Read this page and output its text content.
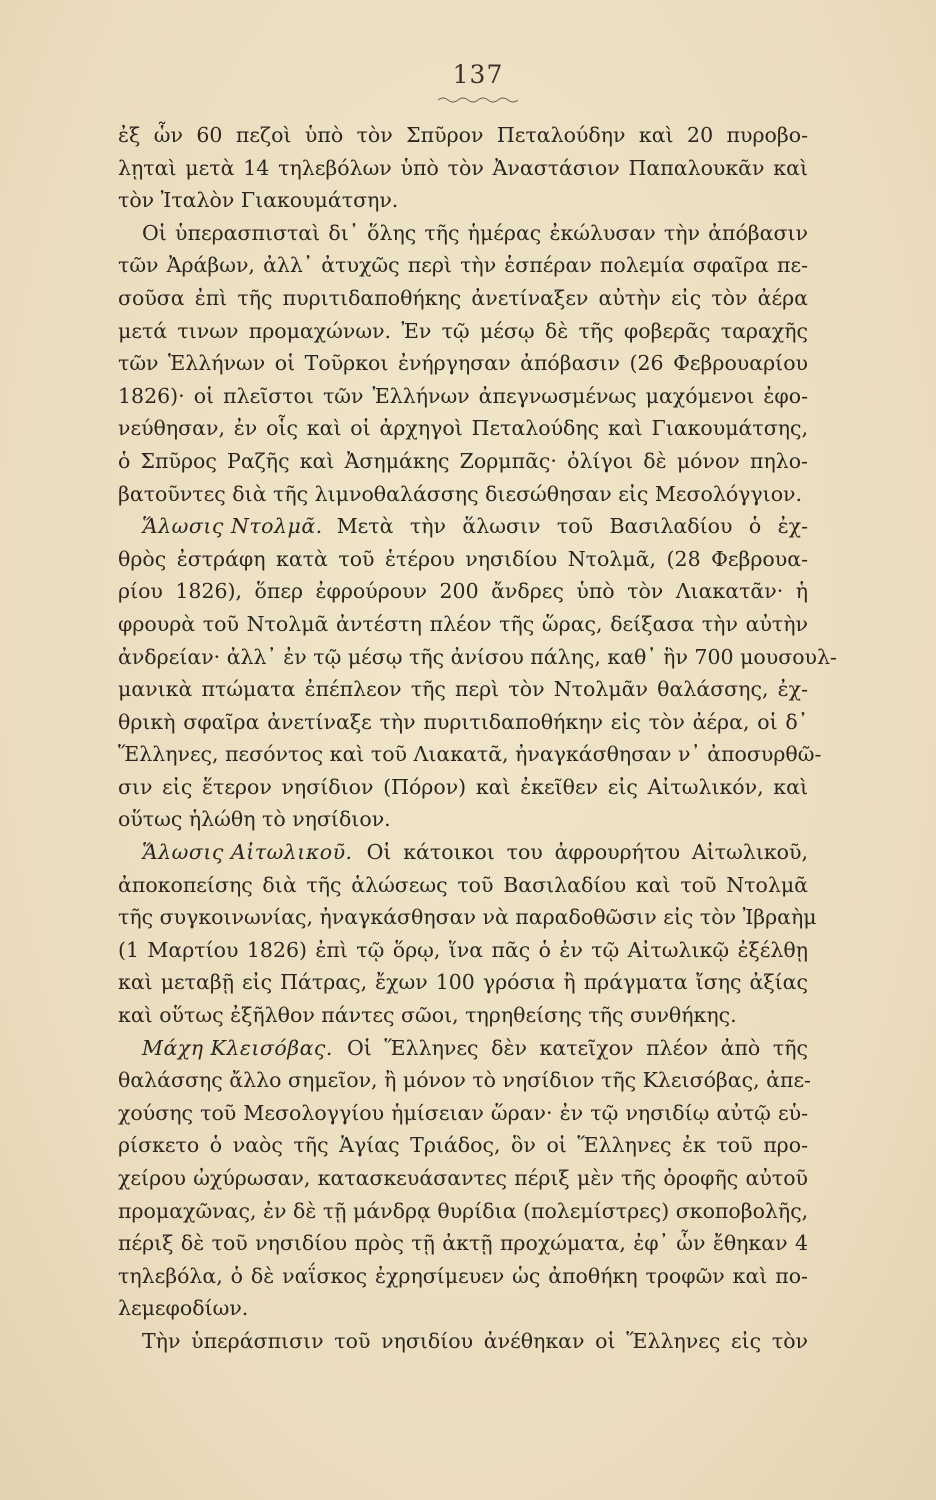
137
ἐξ ὧν 60 πεζοὶ ὑπὸ τὸν Σπῦρον Πεταλούδην καὶ 20 πυροβο-
λῃταὶ μετὰ 14 τηλεβόλων ὑπὸ τὸν Ἀναστάσιον Παπαλουκᾶν καὶ
τὸν Ἰταλὸν Γιακουμάτσην.
Οἱ ὑπερασπισταὶ δι᾽ ὅλης τῆς ἡμέρας ἐκώλυσαν τὴν ἀπόβασιν
τῶν Ἀράβων, ἀλλ᾽ ἀτυχῶς περὶ τὴν ἑσπέραν πολεμία σφαῖρα πε-
σοῦσα ἐπὶ τῆς πυριτιδαποθήκης ἀνετίναξεν αὐτὴν εἰς τὸν ἀέρα
μετά τινων προμαχώνων. Ἐν τῷ μέσῳ δὲ τῆς φοβερᾶς ταραχῆς
τῶν Ἑλλήνων οἱ Τοῦρκοι ἐνήργησαν ἀπόβασιν (26 Φεβρουαρίου
1826)· οἱ πλεῖστοι τῶν Ἑλλήνων ἀπεγνωσμένως μαχόμενοι ἐφο-
νεύθησαν, ἐν οἷς καὶ οἱ ἀρχηγοὶ Πεταλούδης καὶ Γιακουμάτσης,
ὁ Σπῦρος Ραζῆς καὶ Ἀσημάκης Ζορμπᾶς· ὀλίγοι δὲ μόνον πηλο-
βατοῦντες διὰ τῆς λιμνοθαλάσσης διεσώθησαν εἰς Μεσολόγγιον.
Ἅλωσις Ντολμᾶ. Μετὰ τὴν ἅλωσιν τοῦ Βασιλαδίου ὁ ἐχ-
θρὸς ἐστράφη κατὰ τοῦ ἑτέρου νησιδίου Ντολμᾶ, (28 Φεβρουα-
ρίου 1826), ὅπερ ἐφρούρουν 200 ἄνδρες ὑπὸ τὸν Λιακατᾶν· ἡ
φρουρὰ τοῦ Ντολμᾶ ἀντέστη πλέον τῆς ὥρας, δείξασα τὴν αὐτὴν
ἀνδρείαν· ἀλλ᾽ ἐν τῷ μέσῳ τῆς ἀνίσου πάλης, καθ᾽ ἣν 700 μουσουλ-
μανικὰ πτώματα ἐπέπλεον τῆς περὶ τὸν Ντολμᾶν θαλάσσης, ἐχ-
θρικὴ σφαῖρα ἀνετίναξε τὴν πυριτιδαποθήκην εἰς τὸν ἀέρα, οἱ δ᾽
Ἕλληνες, πεσόντος καὶ τοῦ Λιακατᾶ, ἠναγκάσθησαν ν᾽ ἀποσυρθῶ-
σιν εἰς ἕτερον νησίδιον (Πόρον) καὶ ἐκεῖθεν εἰς Αἰτωλικόν, καὶ
οὕτως ἡλώθη τὸ νησίδιον.
Ἅλωσις Αἰτωλικοῦ. Οἱ κάτοικοι του ἀφρουρήτου Αἰτωλικοῦ,
ἀποκοπείσης διὰ τῆς ἁλώσεως τοῦ Βασιλαδίου καὶ τοῦ Ντολμᾶ
τῆς συγκοινωνίας, ἠναγκάσθησαν νὰ παραδοθῶσιν εἰς τὸν Ἰβραὴμ
(1 Μαρτίου 1826) ἐπὶ τῷ ὅρῳ, ἵνα πᾶς ὁ ἐν τῷ Αἰτωλικῷ ἐξέλθῃ
καὶ μεταβῇ εἰς Πάτρας, ἔχων 100 γρόσια ἢ πράγματα ἴσης ἀξίας
καὶ οὕτως ἐξῆλθον πάντες σῶοι, τηρηθείσης τῆς συνθήκης.
Μάχη Κλεισόβας. Οἱ Ἕλληνες δὲν κατεῖχον πλέον ἀπὸ τῆς
θαλάσσης ἄλλο σημεῖον, ἢ μόνον τὸ νησίδιον τῆς Κλεισόβας, ἀπε-
χούσης τοῦ Μεσολογγίου ἡμίσειαν ὥραν· ἐν τῷ νησιδίῳ αὐτῷ εὑ-
ρίσκετο ὁ ναὸς τῆς Ἁγίας Τριάδος, ὃν οἱ Ἕλληνες ἐκ τοῦ προ-
χείρου ὠχύρωσαν, κατασκευάσαντες πέριξ μὲν τῆς ὀροφῆς αὐτοῦ
προμαχῶνας, ἐν δὲ τῇ μάνδρᾳ θυρίδια (πολεμίστρες) σκοποβολῆς,
πέριξ δὲ τοῦ νησιδίου πρὸς τῇ ἀκτῇ προχώματα, ἐφ᾽ ὧν ἔθηκαν 4
τηλεβόλα, ὁ δὲ ναΐσκος ἐχρησίμευεν ὡς ἀποθήκη τροφῶν καὶ πο-
λεμεφοδίων.
Τὴν ὑπεράσπισιν τοῦ νησιδίου ἀνέθηκαν οἱ Ἕλληνες εἰς τὸν
